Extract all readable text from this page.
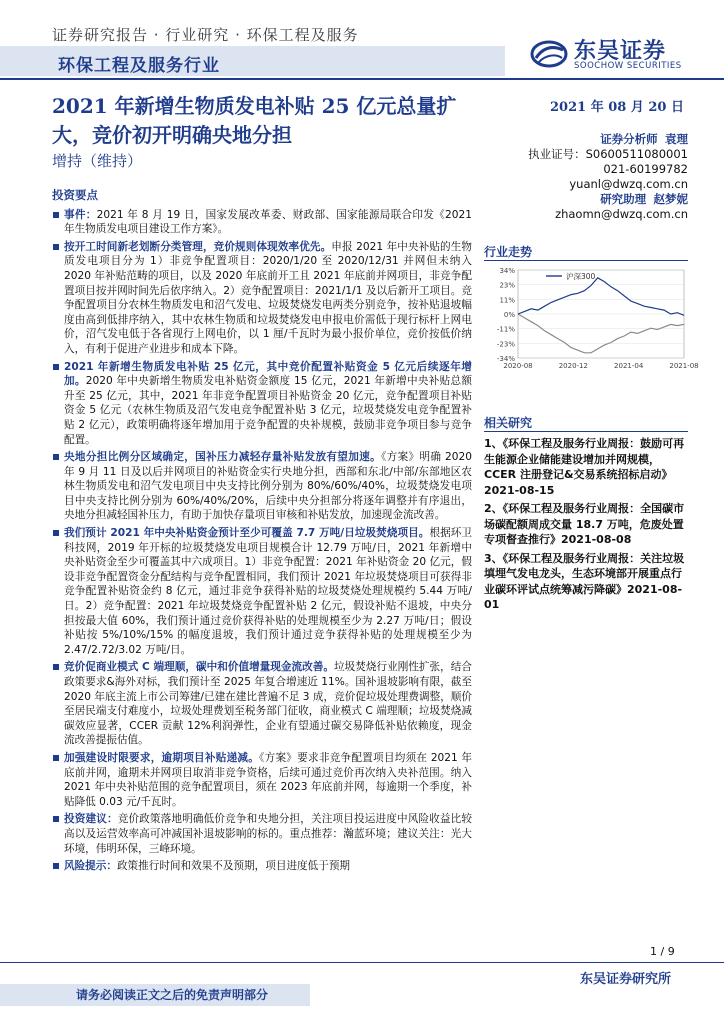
证券研究报告 · 行业研究 · 环保工程及服务
环保工程及服务行业
东吴证券
SOOCHOW SECURITIES
2021 年新增生物质发电补贴 25 亿元总量扩大，竞价初开明确央地分担
增持（维持）
2021 年 08 月 20 日
证券分析师 袁理
执业证号：S0600511080001
021-60199782
yuanl@dwzq.com.cn
研究助理 赵梦妮
zhaomn@dwzq.com.cn
投资要点
事件：2021 年 8 月 19 日，国家发展改革委、财政部、国家能源局联合印发《2021 年生物质发电项目建设工作方案》。
按开工时间新老划断分类管理，竞价规则体现效率优先。申报 2021 年中央补贴的生物质发电项目分为 1）非竞争配置项目：2020/1/20 至 2020/12/31 并网但未纳入 2020 年补贴范畴的项目，以及 2020 年底前开工且 2021 年底前并网项目，非竞争配置项目按并网时间先后依序纳入。2）竞争配置项目：2021/1/1 及以后新开工项目。竞争配置项目分农林生物质发电和沼气发电、垃圾焚烧发电两类分别竞争，按补贴退坡幅度由高到低排序纳入，其中农林生物质和垃圾焚烧发电申报电价需低于现行标杆上网电价，沼气发电低于各省现行上网电价，以 1 厘/千瓦时为最小报价单位，竞价按低价纳入，有利于促进产业进步和成本下降。
2021 年新增生物质发电补贴 25 亿元，其中竞价配置补贴资金 5 亿元后续逐年增加。2020 年中央新增生物质发电补贴资金额度 15 亿元，2021 年新增中央补贴总额升至 25 亿元，其中，2021 年非竞争配置项目补贴资金 20 亿元，竞争配置项目补贴资金 5 亿元（农林生物质及沼气发电竞争配置补贴 3 亿元，垃圾焚烧发电竞争配置补贴 2 亿元），政策明确将逐年增加用于竞争配置的央补规模，鼓励非竞争项目参与竞争配置。
央地分担比例分区域确定，国补压力减轻存量补贴发放有望加速。《方案》明确 2020 年 9 月 11 日及以后并网项目的补贴资金实行央地分担，西部和东北/中部/东部地区农林生物质发电和沼气发电项目中央支持比例分别为 80%/60%/40%，垃圾焚烧发电项目中央支持比例分别为 60%/40%/20%，后续中央分担部分将逐年调整并有序退出，央地分担减轻国补压力，有助于加快存量项目审核和补贴发放，加速现金流改善。
我们预计 2021 年中央补贴资金预计至少可覆盖 7.7 万吨/日垃圾焚烧项目。根据环卫科技网，2019 年开标的垃圾焚烧发电项目规模合计 12.79 万吨/日，2021 年新增中央补贴资金至少可覆盖其中六成项目。1）非竞争配置：2021 年补贴资金 20 亿元，假设非竞争配置资金分配结构与竞争配置相同，我们预计 2021 年垃圾焚烧项目可获得非竞争配置补贴资金约 8 亿元，通过非竞争获得补贴的垃圾焚烧处理规模约 5.44 万吨/日。2）竞争配置：2021 年垃圾焚烧竞争配置补贴 2 亿元，假设补贴不退坡，中央分担按最大值 60%，我们预计通过竞价获得补贴的处理规模至少为 2.27 万吨/日；假设补贴按 5%/10%/15% 的幅度退坡，我们预计通过竞争获得补贴的处理规模至少为 2.47/2.72/3.02 万吨/日。
竞价促商业模式 C 端理顺，碳中和价值增量现金流改善。垃圾焚烧行业刚性扩张，结合政策要求&海外对标，我们预计至 2025 年复合增速近 11%。国补退坡影响有限，截至 2020 年底主流上市公司筹建/已建在建比普遍不足 3 成，竞价促垃圾处理费调整，顺价至居民端支付难度小，垃圾处理费划至税务部门征收，商业模式 C 端理顺；垃圾焚烧减碳效应显著，CCER 贡献 12%利润弹性，企业有望通过碳交易降低补贴依赖度，现金流改善提振估值。
加强建设时限要求，逾期项目补贴递减。《方案》要求非竞争配置项目均须在 2021 年底前并网，逾期未并网项目取消非竞争资格，后续可通过竞价再次纳入央补范围。纳入 2021 年中央补贴范围的竞争配置项目，须在 2023 年底前并网，每逾期一个季度，补贴降低 0.03 元/千瓦时。
投资建议：竞价政策落地明确低价竞争和央地分担，关注项目投运进度中风险收益比较高以及运营效率高可冲减国补退坡影响的标的。重点推荐：瀚蓝环境；建议关注：光大环境，伟明环保，三峰环境。
风险提示：政策推行时间和效果不及预期，项目进度低于预期
行业走势
34%
23%
11%
0%
-11%
-23%
-34%
2020-08	2020-12	2021-04	2021-08
沪深300
相关研究

1、《环保工程及服务行业周报：鼓励可再生能源企业储能建设增加并网规模，CCER 注册登记&交易系统招标启动》2021-08-15

2、《环保工程及服务行业周报：全国碳市场碳配额周成交量 18.7 万吨，危废处置专项督查推行》2021-08-08

3、《环保工程及服务行业周报：关注垃圾填埋气发电龙头，生态环境部开展重点行业碳环评试点统筹减污降碳》2021-08-01

1 / 9
东吴证券研究所
请务必阅读正文之后的免责声明部分
